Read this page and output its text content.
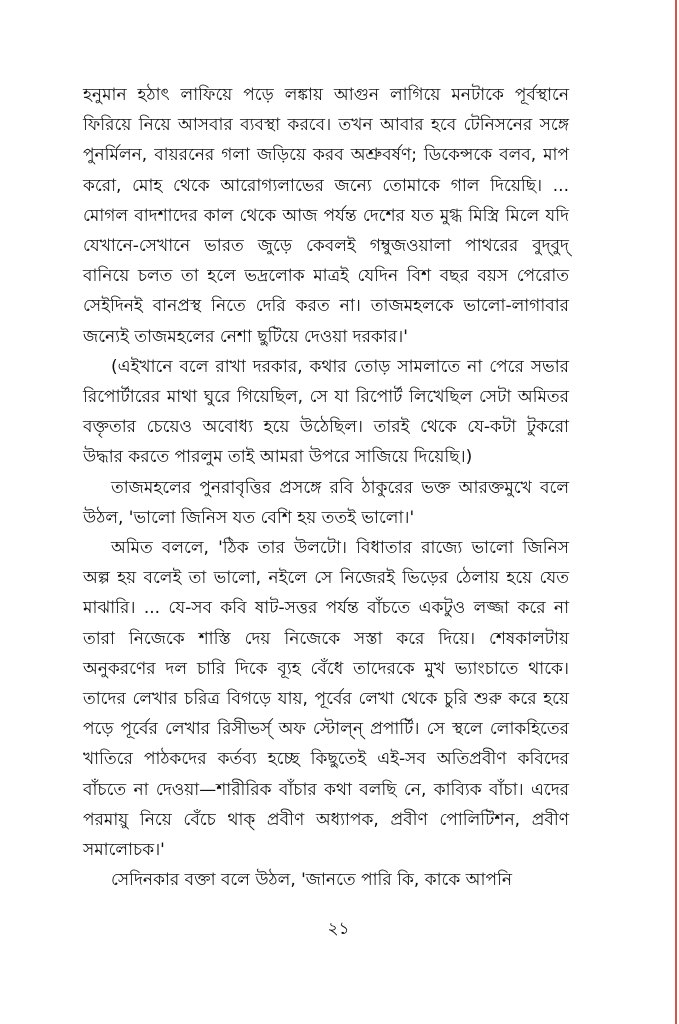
হনুমান হঠাৎ লাফিয়ে পড়ে লঙ্কায় আগুন লাগিয়ে মনটাকে পূর্বস্থানে ফিরিয়ে নিয়ে আসবার ব্যবস্থা করবে। তখন আবার হবে টেনিসনের সঙ্গে পুনর্মিলন, বায়রনের গলা জড়িয়ে করব অশ্রুবর্ষণ; ডিকেন্সকে বলব, মাপ করো, মোহ থেকে আরোগ্যলাভের জন্যে তোমাকে গাল দিয়েছি। ... মোগল বাদশাদের কাল থেকে আজ পর্যন্ত দেশের যত মুগ্ধ মিস্ত্রি মিলে যদি যেখানে-সেখানে ভারত জুড়ে কেবলই গম্বুজওয়ালা পাথরের বুদ্‌বুদ্ বানিয়ে চলত তা হলে ভদ্রলোক মাত্রই যেদিন বিশ বছর বয়স পেরোত সেইদিনই বানপ্রস্থ নিতে দেরি করত না। তাজমহলকে ভালো-লাগাবার জন্যেই তাজমহলের নেশা ছুটিয়ে দেওয়া দরকার।'

(এইখানে বলে রাখা দরকার, কথার তোড় সামলাতে না পেরে সভার রিপোর্টারের মাথা ঘুরে গিয়েছিল, সে যা রিপোর্ট লিখেছিল সেটা অমিতর বক্তৃতার চেয়েও অবোধ্য হয়ে উঠেছিল। তারই থেকে যে-কটা টুকরো উদ্ধার করতে পারলুম তাই আমরা উপরে সাজিয়ে দিয়েছি।)

তাজমহলের পুনরাবৃত্তির প্রসঙ্গে রবি ঠাকুরের ভক্ত আরক্তমুখে বলে উঠল, 'ভালো জিনিস যত বেশি হয় ততই ভালো।'

অমিত বললে, 'ঠিক তার উলটো। বিধাতার রাজ্যে ভালো জিনিস অল্প হয় বলেই তা ভালো, নইলে সে নিজেরই ভিড়ের ঠেলায় হয়ে যেত মাঝারি। ... যে-সব কবি ষাট-সত্তর পর্যন্ত বাঁচতে একটুও লজ্জা করে না তারা নিজেকে শাস্তি দেয় নিজেকে সস্তা করে দিয়ে। শেষকালটায় অনুকরণের দল চারি দিকে ব্যূহ বেঁধে তাদেরকে মুখ ভ্যাংচাতে থাকে। তাদের লেখার চরিত্র বিগড়ে যায়, পূর্বের লেখা থেকে চুরি শুরু করে হয়ে পড়ে পূর্বের লেখার রিসীভর্স্ অফ স্টোল্‌ন্ প্রপার্টি। সে স্থলে লোকহিতের খাতিরে পাঠকদের কর্তব্য হচ্ছে কিছুতেই এই-সব অতিপ্রবীণ কবিদের বাঁচতে না দেওয়া—শারীরিক বাঁচার কথা বলছি নে, কাব্যিক বাঁচা। এদের পরমায়ু নিয়ে বেঁচে থাক্ প্রবীণ অধ্যাপক, প্রবীণ পোলিটিশন, প্রবীণ সমালোচক।'

সেদিনকার বক্তা বলে উঠল, 'জানতে পারি কি, কাকে আপনি

২১
